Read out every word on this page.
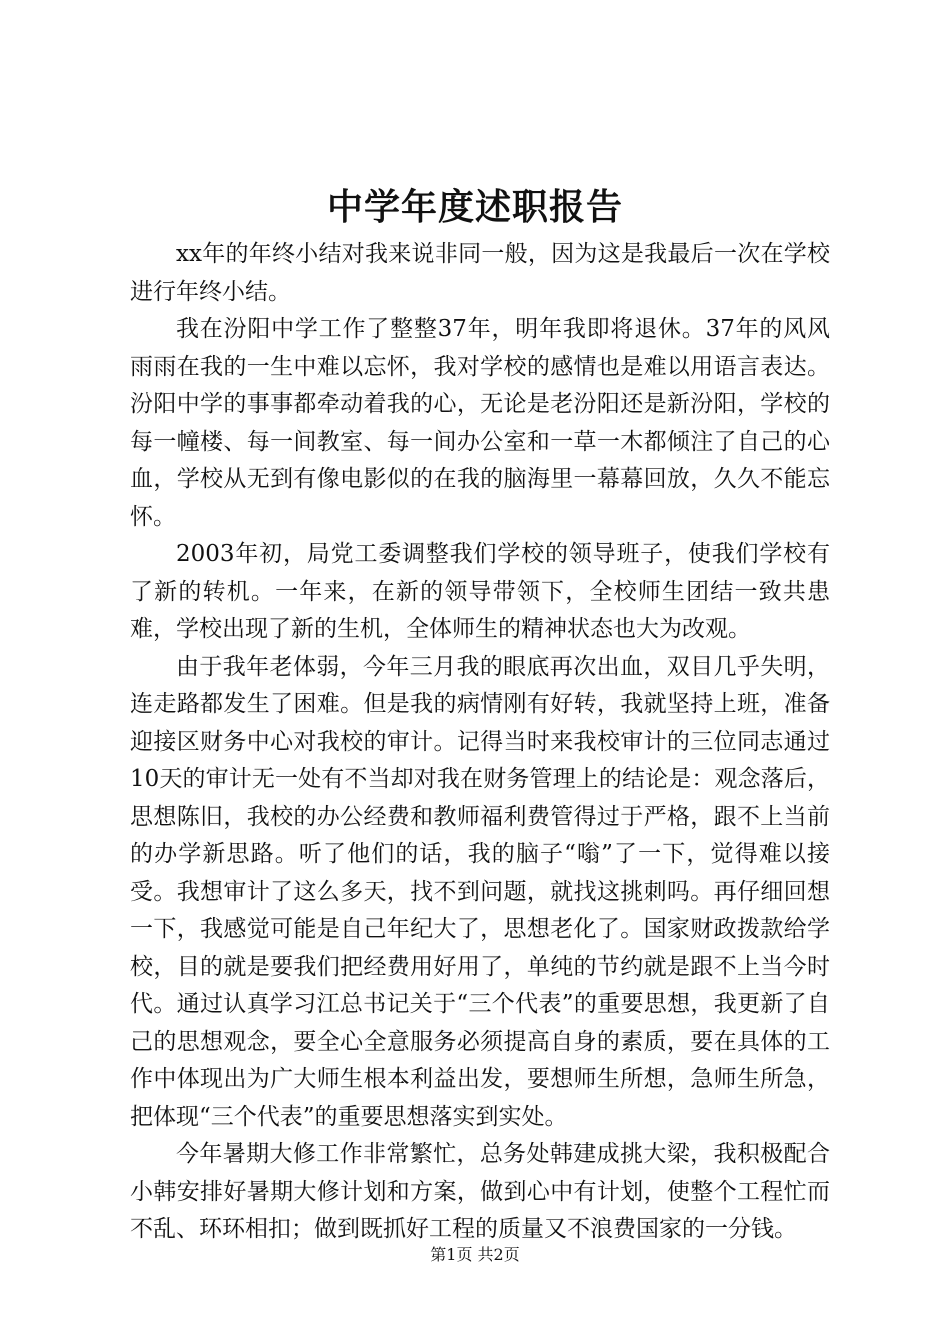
中学年度述职报告

xx年的年终小结对我来说非同一般，因为这是我最后一次在学校进行年终小结。

我在汾阳中学工作了整整37年，明年我即将退休。37年的风风雨雨在我的一生中难以忘怀，我对学校的感情也是难以用语言表达。汾阳中学的事事都牵动着我的心，无论是老汾阳还是新汾阳，学校的每一幢楼、每一间教室、每一间办公室和一草一木都倾注了自己的心血，学校从无到有像电影似的在我的脑海里一幕幕回放，久久不能忘怀。

2003年初，局党工委调整我们学校的领导班子，使我们学校有了新的转机。一年来，在新的领导带领下，全校师生团结一致共患难，学校出现了新的生机，全体师生的精神状态也大为改观。

由于我年老体弱，今年三月我的眼底再次出血，双目几乎失明，连走路都发生了困难。但是我的病情刚有好转，我就坚持上班，准备迎接区财务中心对我校的审计。记得当时来我校审计的三位同志通过10天的审计无一处有不当却对我在财务管理上的结论是：观念落后，思想陈旧，我校的办公经费和教师福利费管得过于严格，跟不上当前的办学新思路。听了他们的话，我的脑子“嗡”了一下，觉得难以接受。我想审计了这么多天，找不到问题，就找这挑刺吗。再仔细回想一下，我感觉可能是自己年纪大了，思想老化了。国家财政拨款给学校，目的就是要我们把经费用好用了，单纯的节约就是跟不上当今时代。通过认真学习江总书记关于“三个代表”的重要思想，我更新了自己的思想观念，要全心全意服务必须提高自身的素质，要在具体的工作中体现出为广大师生根本利益出发，要想师生所想，急师生所急，把体现“三个代表”的重要思想落实到实处。

今年暑期大修工作非常繁忙，总务处韩建成挑大梁，我积极配合小韩安排好暑期大修计划和方案，做到心中有计划，使整个工程忙而不乱、环环相扣；做到既抓好工程的质量又不浪费国家的一分钱。

第1页 共2页
